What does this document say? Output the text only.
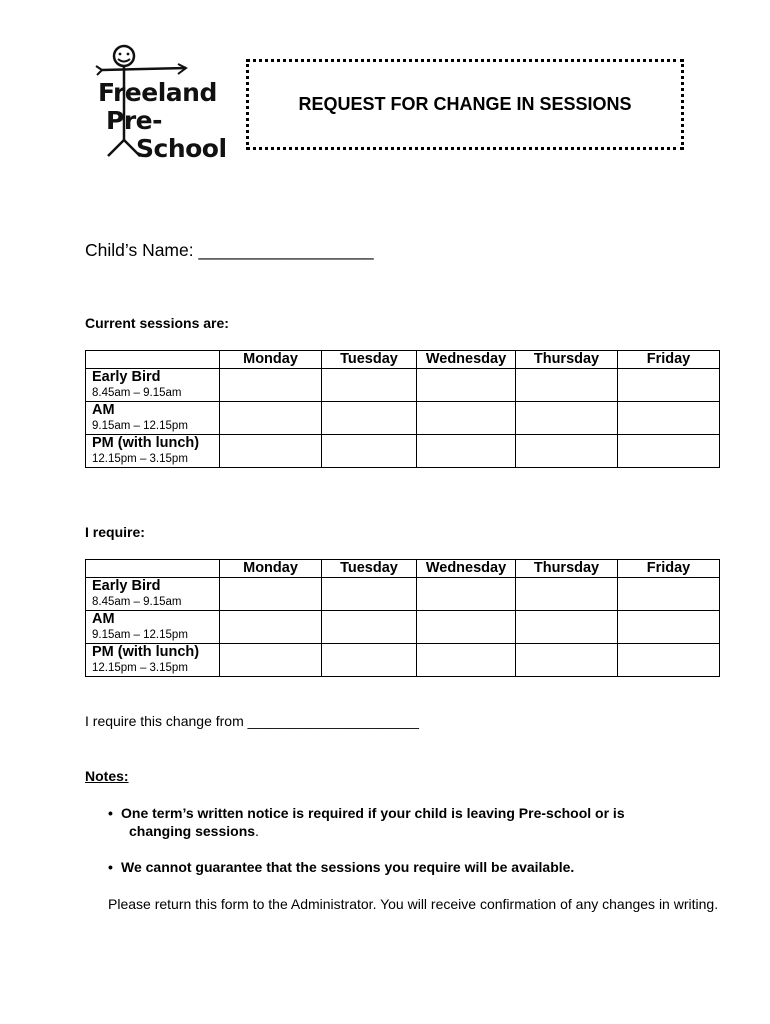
Freeland
Pre-
School
REQUEST FOR CHANGE IN SESSIONS
Child’s Name: __________________
Current sessions are:
	Monday	Tuesday	Wednesday	Thursday	Friday

Early Bird
8.45am – 9.15am					

AM
9.15am – 12.15pm					

PM (with lunch)
12.15pm – 3.15pm					

I require:
	Monday	Tuesday	Wednesday	Thursday	Friday

Early Bird
8.45am – 9.15am					

AM
9.15am – 12.15pm					

PM (with lunch)
12.15pm – 3.15pm					

I require this change from ______________________
Notes:
• One term’s written notice is required if your child is leaving Pre-school or is
changing sessions.
• We cannot guarantee that the sessions you require will be available.
Please return this form to the Administrator. You will receive confirmation of any changes in writing.
